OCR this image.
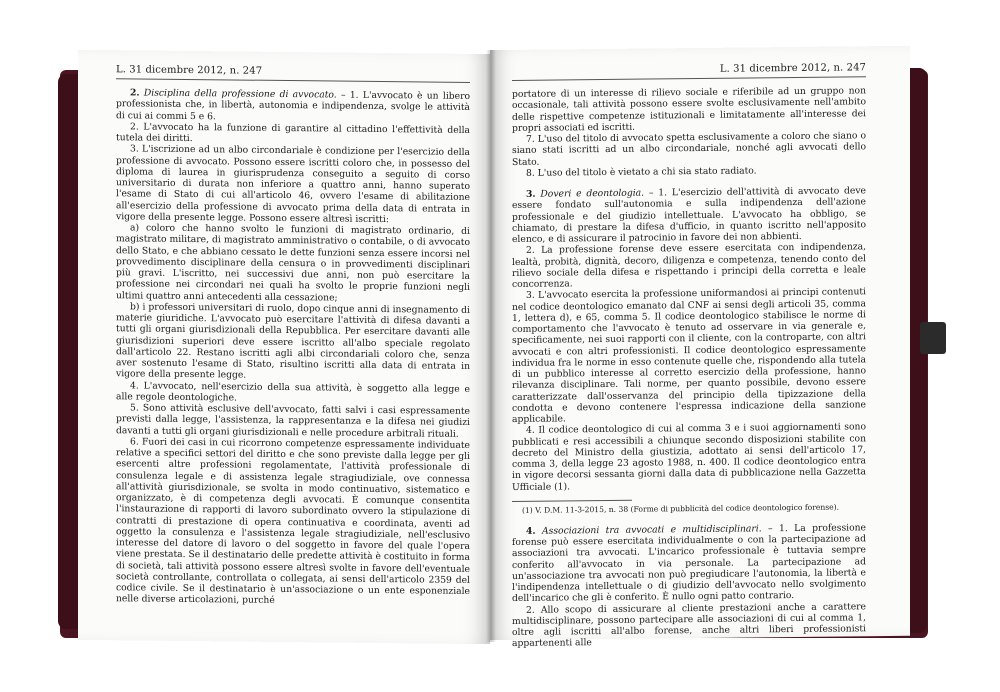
L. 31 dicembre 2012, n. 247

2. Disciplina della professione di avvocato. – 1. L'avvocato è un libero professionista che, in libertà, autonomia e indipendenza, svolge le attività di cui ai commi 5 e 6.

2. L'avvocato ha la funzione di garantire al cittadino l'effettività della tutela dei diritti.

3. L'iscrizione ad un albo circondariale è condizione per l'esercizio della professione di avvocato. Possono essere iscritti coloro che, in possesso del diploma di laurea in giurisprudenza conseguito a seguito di corso universitario di durata non inferiore a quattro anni, hanno superato l'esame di Stato di cui all'articolo 46, ovvero l'esame di abilitazione all'esercizio della professione di avvocato prima della data di entrata in vigore della presente legge. Possono essere altresì iscritti:

a) coloro che hanno svolto le funzioni di magistrato ordinario, di magistrato militare, di magistrato amministrativo o contabile, o di avvocato dello Stato, e che abbiano cessato le dette funzioni senza essere incorsi nel provvedimento disciplinare della censura o in provvedimenti disciplinari più gravi. L'iscritto, nei successivi due anni, non può esercitare la professione nei circondari nei quali ha svolto le proprie funzioni negli ultimi quattro anni antecedenti alla cessazione;

b) i professori universitari di ruolo, dopo cinque anni di insegnamento di materie giuridiche. L'avvocato può esercitare l'attività di difesa davanti a tutti gli organi giurisdizionali della Repubblica. Per esercitare davanti alle giurisdizioni superiori deve essere iscritto all'albo speciale regolato dall'articolo 22. Restano iscritti agli albi circondariali coloro che, senza aver sostenuto l'esame di Stato, risultino iscritti alla data di entrata in vigore della presente legge.

4. L'avvocato, nell'esercizio della sua attività, è soggetto alla legge e alle regole deontologiche.

5. Sono attività esclusive dell'avvocato, fatti salvi i casi espressamente previsti dalla legge, l'assistenza, la rappresentanza e la difesa nei giudizi davanti a tutti gli organi giurisdizionali e nelle procedure arbitrali rituali.

6. Fuori dei casi in cui ricorrono competenze espressamente individuate relative a specifici settori del diritto e che sono previste dalla legge per gli esercenti altre professioni regolamentate, l'attività professionale di consulenza legale e di assistenza legale stragiudiziale, ove connessa all'attività giurisdizionale, se svolta in modo continuativo, sistematico e organizzato, è di competenza degli avvocati. È comunque consentita l'instaurazione di rapporti di lavoro subordinato ovvero la stipulazione di contratti di prestazione di opera continuativa e coordinata, aventi ad oggetto la consulenza e l'assistenza legale stragiudiziale, nell'esclusivo interesse del datore di lavoro o del soggetto in favore del quale l'opera viene prestata. Se il destinatario delle predette attività è costituito in forma di società, tali attività possono essere altresì svolte in favore dell'eventuale società controllante, controllata o collegata, ai sensi dell'articolo 2359 del codice civile. Se il destinatario è un'associazione o un ente esponenziale nelle diverse articolazioni, purché

L. 31 dicembre 2012, n. 247

portatore di un interesse di rilievo sociale e riferibile ad un gruppo non occasionale, tali attività possono essere svolte esclusivamente nell'ambito delle rispettive competenze istituzionali e limitatamente all'interesse dei propri associati ed iscritti.

7. L'uso del titolo di avvocato spetta esclusivamente a coloro che siano o siano stati iscritti ad un albo circondariale, nonché agli avvocati dello Stato.

8. L'uso del titolo è vietato a chi sia stato radiato.

3. Doveri e deontologia. – 1. L'esercizio dell'attività di avvocato deve essere fondato sull'autonomia e sulla indipendenza dell'azione professionale e del giudizio intellettuale. L'avvocato ha obbligo, se chiamato, di prestare la difesa d'ufficio, in quanto iscritto nell'apposito elenco, e di assicurare il patrocinio in favore dei non abbienti.

2. La professione forense deve essere esercitata con indipendenza, lealtà, probità, dignità, decoro, diligenza e competenza, tenendo conto del rilievo sociale della difesa e rispettando i principi della corretta e leale concorrenza.

3. L'avvocato esercita la professione uniformandosi ai principi contenuti nel codice deontologico emanato dal CNF ai sensi degli articoli 35, comma 1, lettera d), e 65, comma 5. Il codice deontologico stabilisce le norme di comportamento che l'avvocato è tenuto ad osservare in via generale e, specificamente, nei suoi rapporti con il cliente, con la controparte, con altri avvocati e con altri professionisti. Il codice deontologico espressamente individua fra le norme in esso contenute quelle che, rispondendo alla tutela di un pubblico interesse al corretto esercizio della professione, hanno rilevanza disciplinare. Tali norme, per quanto possibile, devono essere caratterizzate dall'osservanza del principio della tipizzazione della condotta e devono contenere l'espressa indicazione della sanzione applicabile.

4. Il codice deontologico di cui al comma 3 e i suoi aggiornamenti sono pubblicati e resi accessibili a chiunque secondo disposizioni stabilite con decreto del Ministro della giustizia, adottato ai sensi dell'articolo 17, comma 3, della legge 23 agosto 1988, n. 400. Il codice deontologico entra in vigore decorsi sessanta giorni dalla data di pubblicazione nella Gazzetta Ufficiale (1).

(1) V. D.M. 11-3-2015, n. 38 (Forme di pubblicità del codice deontologico forense).

4. Associazioni tra avvocati e multidisciplinari. – 1. La professione forense può essere esercitata individualmente o con la partecipazione ad associazioni tra avvocati. L'incarico professionale è tuttavia sempre conferito all'avvocato in via personale. La partecipazione ad un'associazione tra avvocati non può pregiudicare l'autonomia, la libertà e l'indipendenza intellettuale o di giudizio dell'avvocato nello svolgimento dell'incarico che gli è conferito. È nullo ogni patto contrario.

2. Allo scopo di assicurare al cliente prestazioni anche a carattere multidisciplinare, possono partecipare alle associazioni di cui al comma 1, oltre agli iscritti all'albo forense, anche altri liberi professionisti appartenenti alle
